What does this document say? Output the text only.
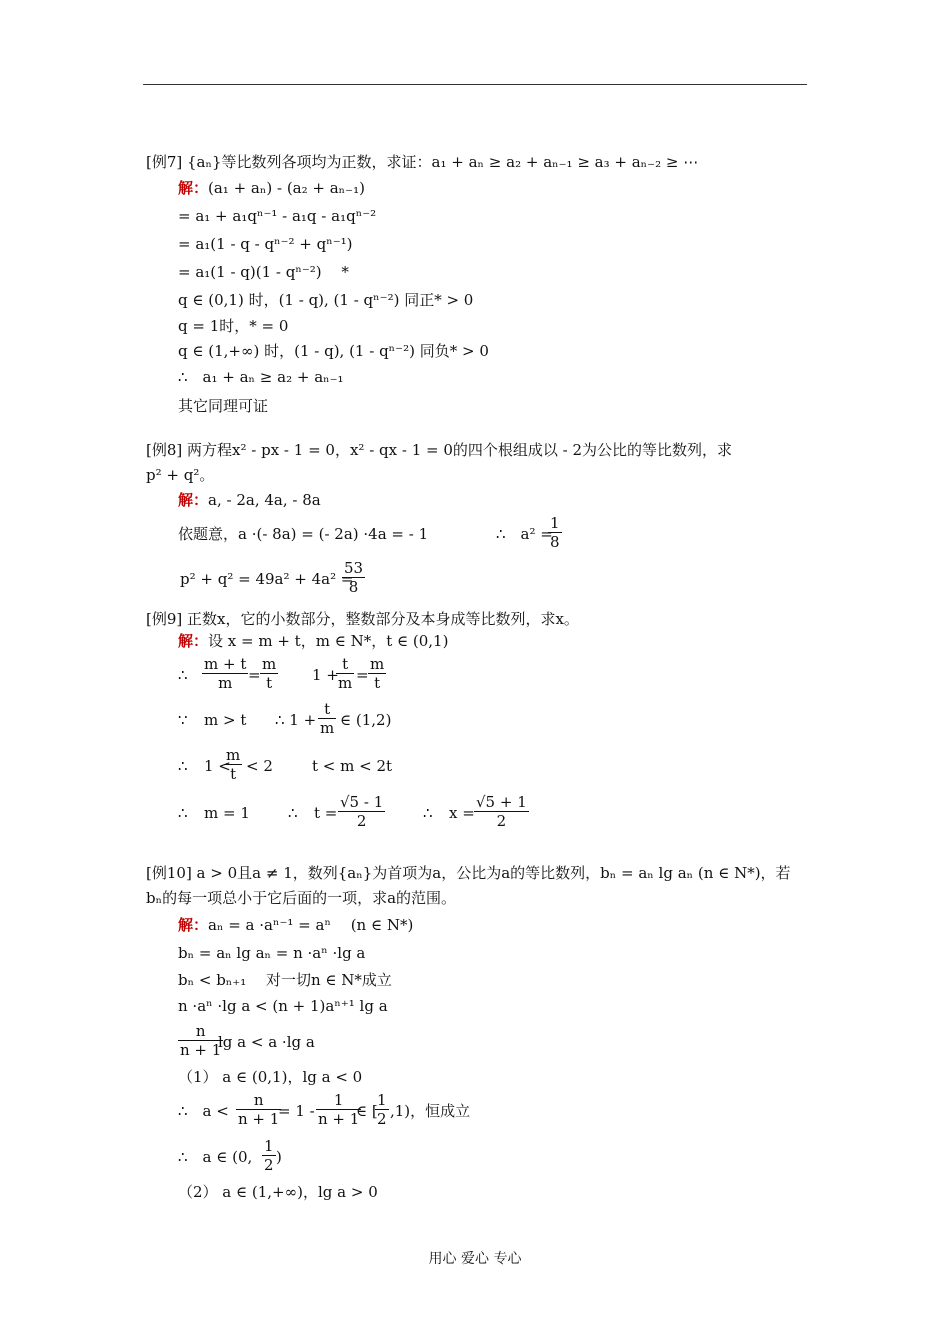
[例7] {aₙ}等比数列各项均为正数，求证：a₁ + aₙ ≥ a₂ + aₙ₋₁ ≥ a₃ + aₙ₋₂ ≥ ⋯
解：(a₁ + aₙ) - (a₂ + aₙ₋₁)
= a₁ + a₁qⁿ⁻¹ - a₁q - a₁qⁿ⁻²
= a₁(1 - q - qⁿ⁻² + qⁿ⁻¹)
= a₁(1 - q)(1 - qⁿ⁻²)　 *
q ∈ (0,1) 时，(1 - q), (1 - qⁿ⁻²) 同正* > 0
q = 1时，* = 0
q ∈ (1,+∞) 时，(1 - q), (1 - qⁿ⁻²) 同负* > 0
∴　a₁ + aₙ ≥ a₂ + aₙ₋₁
其它同理可证
[例8] 两方程x² - px - 1 = 0，x² - qx - 1 = 0的四个根组成以 - 2为公比的等比数列，求
p² + q²。
解：a, - 2a, 4a, - 8a
依题意，a ·(- 8a) = (- 2a) ·4a = - 1	∴　a² =
$\frac{1}{8}$
p² + q² = 49a² + 4a² =
$\frac{53}{8}$
[例9] 正数x，它的小数部分，整数部分及本身成等比数列，求x。
解：设 x = m + t，m ∈ N*，t ∈ (0,1)
∴ $\frac{m + t}{m} = \frac{m}{t} 1$ +
$\frac{t}{m} = \frac{m}{t}$
∵ m > t ∴ $1 + \frac{t}{m}$ ∈ (1,2)
∴ 1 <
$\frac{m}{t} < 2$	t < m < 2t
∴ m = 1	∴ $t = \frac{√5 - 1}{2}$	∴ $x = \frac{√5 + 1}{2}$
[例10] a > 0且a ≠ 1，数列{aₙ}为首项为a，公比为a的等比数列，bₙ = aₙ lg aₙ (n ∈ N*)，若
bₙ的每一项总小于它后面的一项，求a的范围。
解：aₙ = a ·aⁿ⁻¹ = aⁿ　 (n ∈ N*)
bₙ = aₙ lg aₙ = n ·aⁿ ·lg a
bₙ < bₙ₊₁　 对一切n ∈ N*成立
n ·aⁿ ·lg a < (n + 1)aⁿ⁺¹ lg a
$\frac{n}{n + 1}$
lg a < a ·lg a
（1） a ∈ (0,1)，lg a < 0
∴　$a < \frac{n}{n + 1}$
= $1 - \frac{1}{n + 1}$
∈ [
$\frac{1}{2} ,1$)，恒成立
∴　a ∈ (0, $\frac{1}{2}$ )
（2） a ∈ (1,+∞)，lg a > 0
用心 爱心 专心
